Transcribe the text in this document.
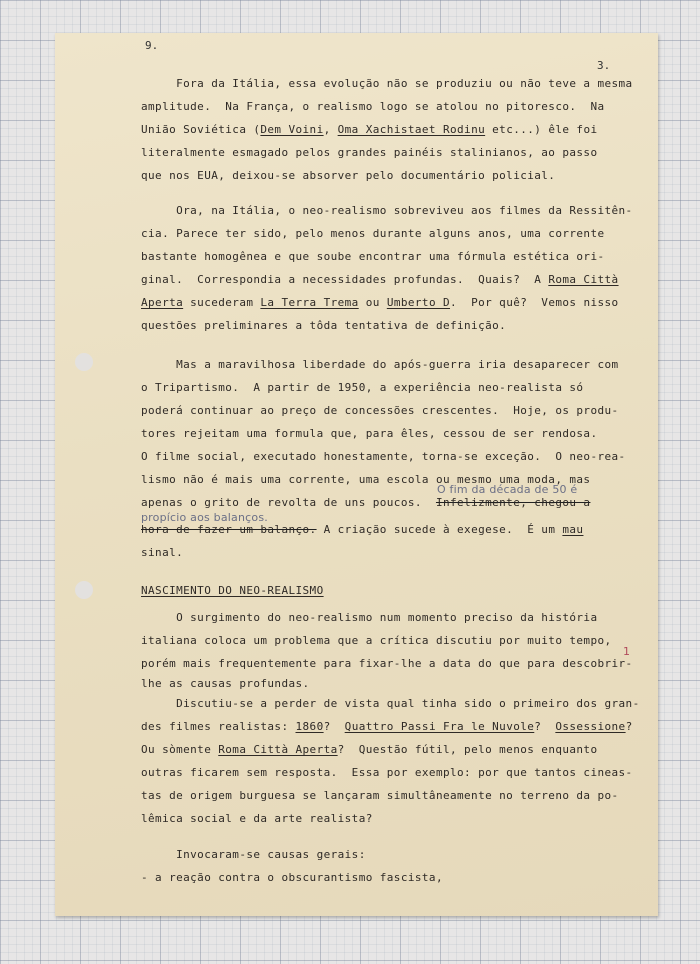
9.
3.
Fora da Itália, essa evolução não se produziu ou não teve a mesma
amplitude.  Na França, o realismo logo se atolou no pitoresco.  Na
União Soviética (Dem Voini, Oma Xachistaet Rodinu etc...) êle foi
literalmente esmagado pelos grandes painéis stalinianos, ao passo
que nos EUA, deixou-se absorver pelo documentário policial.
Ora, na Itália, o neo-realismo sobreviveu aos filmes da Ressitên-
cia. Parece ter sido, pelo menos durante alguns anos, uma corrente
bastante homogênea e que soube encontrar uma fórmula estética ori-
ginal.  Correspondia a necessidades profundas.  Quais?  A Roma Città
Aperta sucederam La Terra Trema ou Umberto D.  Por quê?  Vemos nisso
questões preliminares a tôda tentativa de definição.
Mas a maravilhosa liberdade do após-guerra iria desaparecer com
o Tripartismo.  A partir de 1950, a experiência neo-realista só
poderá continuar ao preço de concessões crescentes.  Hoje, os produ-
tores rejeitam uma formula que, para êles, cessou de ser rendosa.
O filme social, executado honestamente, torna-se exceção.  O neo-rea-
lismo não é mais uma corrente, uma escola ou mesmo uma moda, mas
O fim da década de 50 é
apenas o grito de revolta de uns poucos.  Infelizmente, chegou a
propício aos balanços.
hora de fazer um balanço. A criação sucede à exegese.  É um mau
sinal.
NASCIMENTO DO NEO-REALISMO
O surgimento do neo-realismo num momento preciso da história
italiana coloca um problema que a crítica discutiu por muito tempo,
1
porém mais frequentemente para fixar-lhe a data do que para descobrir-
lhe as causas profundas.
Discutiu-se a perder de vista qual tinha sido o primeiro dos gran-
des filmes realistas: 1860?  Quattro Passi Fra le Nuvole?  Ossessione?
Ou sòmente Roma Città Aperta?  Questão fútil, pelo menos enquanto
outras ficarem sem resposta.  Essa por exemplo: por que tantos cineas-
tas de origem burguesa se lançaram simultâneamente no terreno da po-
lêmica social e da arte realista?
Invocaram-se causas gerais:
- a reação contra o obscurantismo fascista,
